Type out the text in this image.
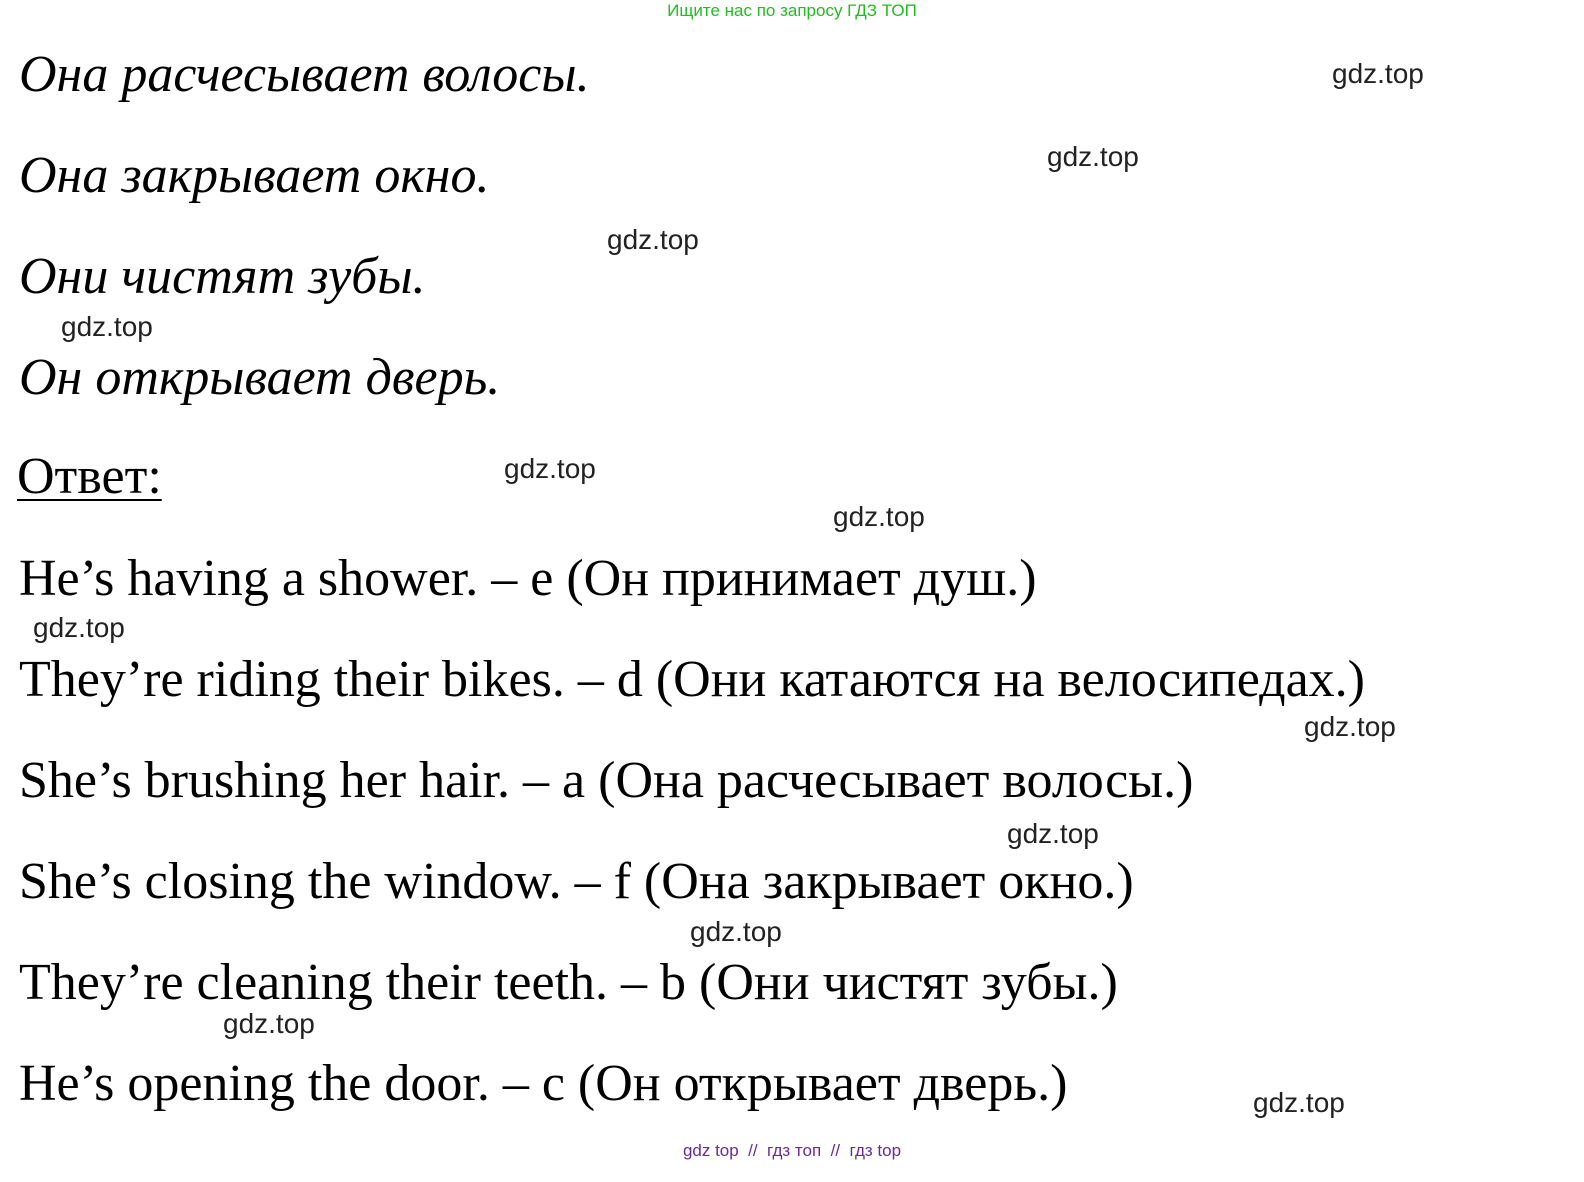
Ищите нас по запросу ГДЗ ТОП
Она расчесывает волосы.
Она закрывает окно.
Они чистят зубы.
Он открывает дверь.
Ответ:
He’s having a shower. – e (Он принимает душ.)
They’re riding their bikes. – d (Они катаются на велосипедах.)
She’s brushing her hair. – a (Она расчесывает волосы.)
She’s closing the window. – f (Она закрывает окно.)
They’re cleaning their teeth. – b (Они чистят зубы.)
He’s opening the door. – c (Он открывает дверь.)
gdz.top
gdz.top
gdz.top
gdz.top
gdz.top
gdz.top
gdz.top
gdz.top
gdz.top
gdz.top
gdz.top
gdz.top
gdz top  //  гдз топ  //  гдз top
